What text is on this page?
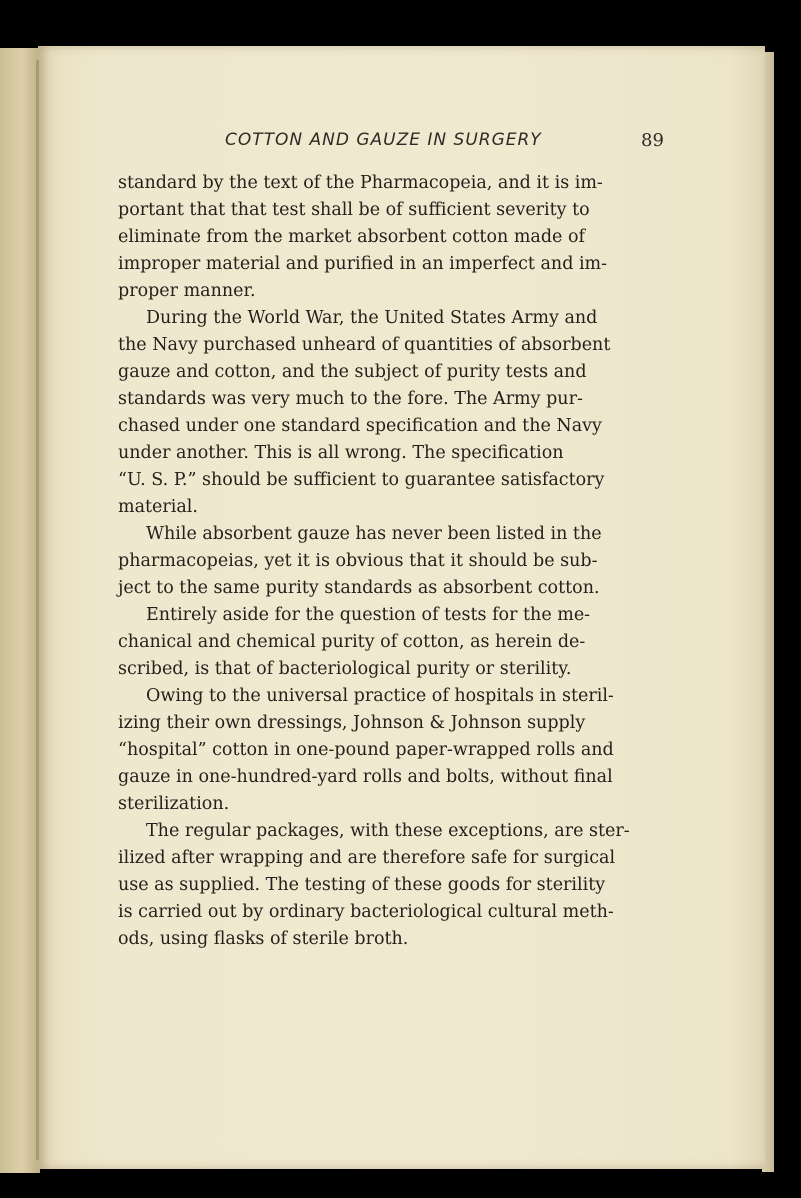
COTTON AND GAUZE IN SURGERY	89
standard by the text of the Pharmacopeia, and it is im-
portant that that test shall be of sufficient severity to
eliminate from the market absorbent cotton made of
improper material and purified in an imperfect and im-
proper manner.
During the World War, the United States Army and
the Navy purchased unheard of quantities of absorbent
gauze and cotton, and the subject of purity tests and
standards was very much to the fore. The Army pur-
chased under one standard specification and the Navy
under another. This is all wrong. The specification
“U. S. P.” should be sufficient to guarantee satisfactory
material.
While absorbent gauze has never been listed in the
pharmacopeias, yet it is obvious that it should be sub-
ject to the same purity standards as absorbent cotton.
Entirely aside for the question of tests for the me-
chanical and chemical purity of cotton, as herein de-
scribed, is that of bacteriological purity or sterility.
Owing to the universal practice of hospitals in steril-
izing their own dressings, Johnson & Johnson supply
“hospital” cotton in one-pound paper-wrapped rolls and
gauze in one-hundred-yard rolls and bolts, without final
sterilization.
The regular packages, with these exceptions, are ster-
ilized after wrapping and are therefore safe for surgical
use as supplied. The testing of these goods for sterility
is carried out by ordinary bacteriological cultural meth-
ods, using flasks of sterile broth.
